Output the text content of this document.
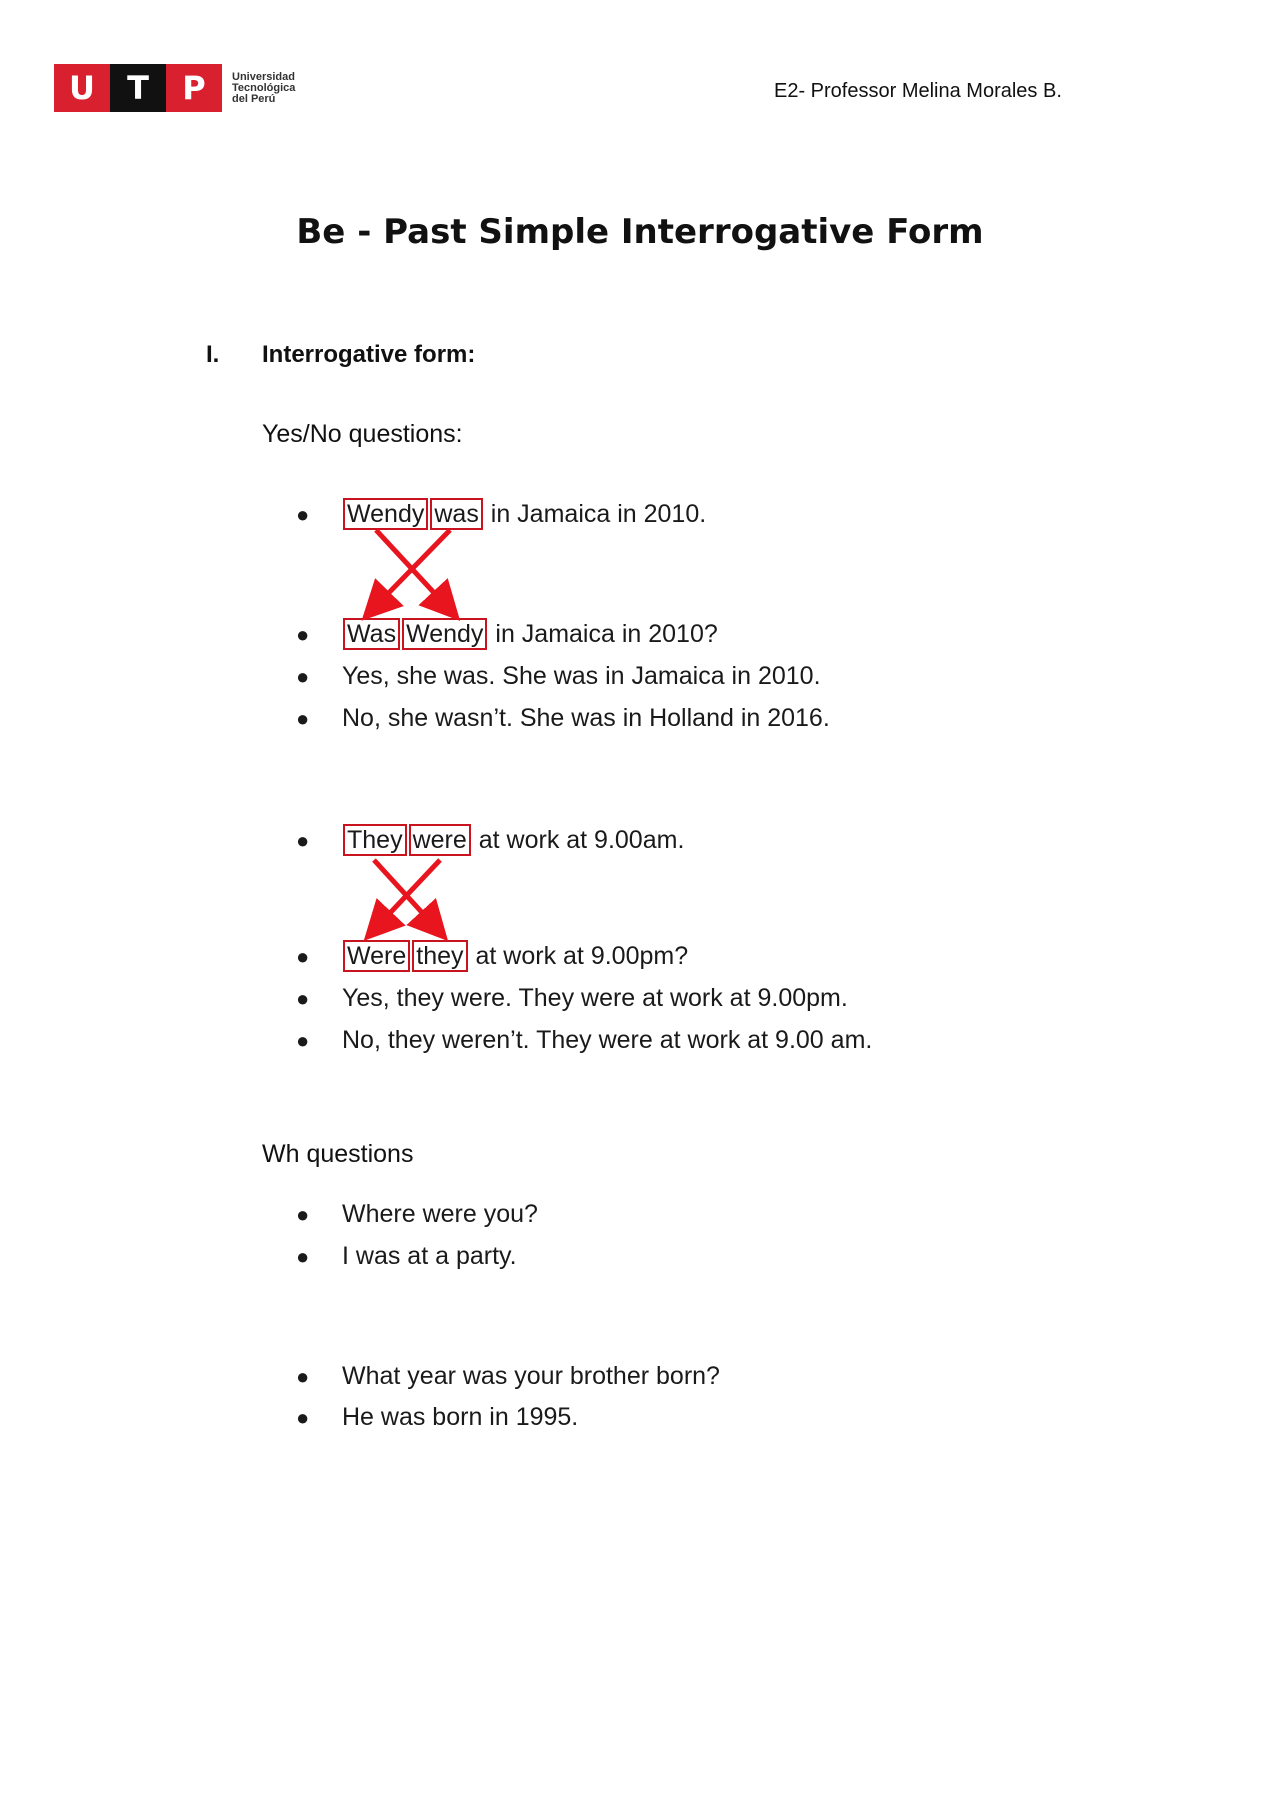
U	T	P	Universidad
Tecnológica
del Perú	E2- Professor Melina Morales B.
Be - Past Simple Interrogative Form
I. Interrogative form:
Yes/No questions:
● Wendy was in Jamaica in 2010.
● Was Wendy in Jamaica in 2010?
● Yes, she was. She was in Jamaica in 2010.
● No, she wasn’t. She was in Holland in 2016.
● They were at work at 9.00am.
● Were they at work at 9.00pm?
● Yes, they were. They were at work at 9.00pm.
● No, they weren’t. They were at work at 9.00 am.
Wh questions
● Where were you?
● I was at a party.
● What year was your brother born?
● He was born in 1995.
